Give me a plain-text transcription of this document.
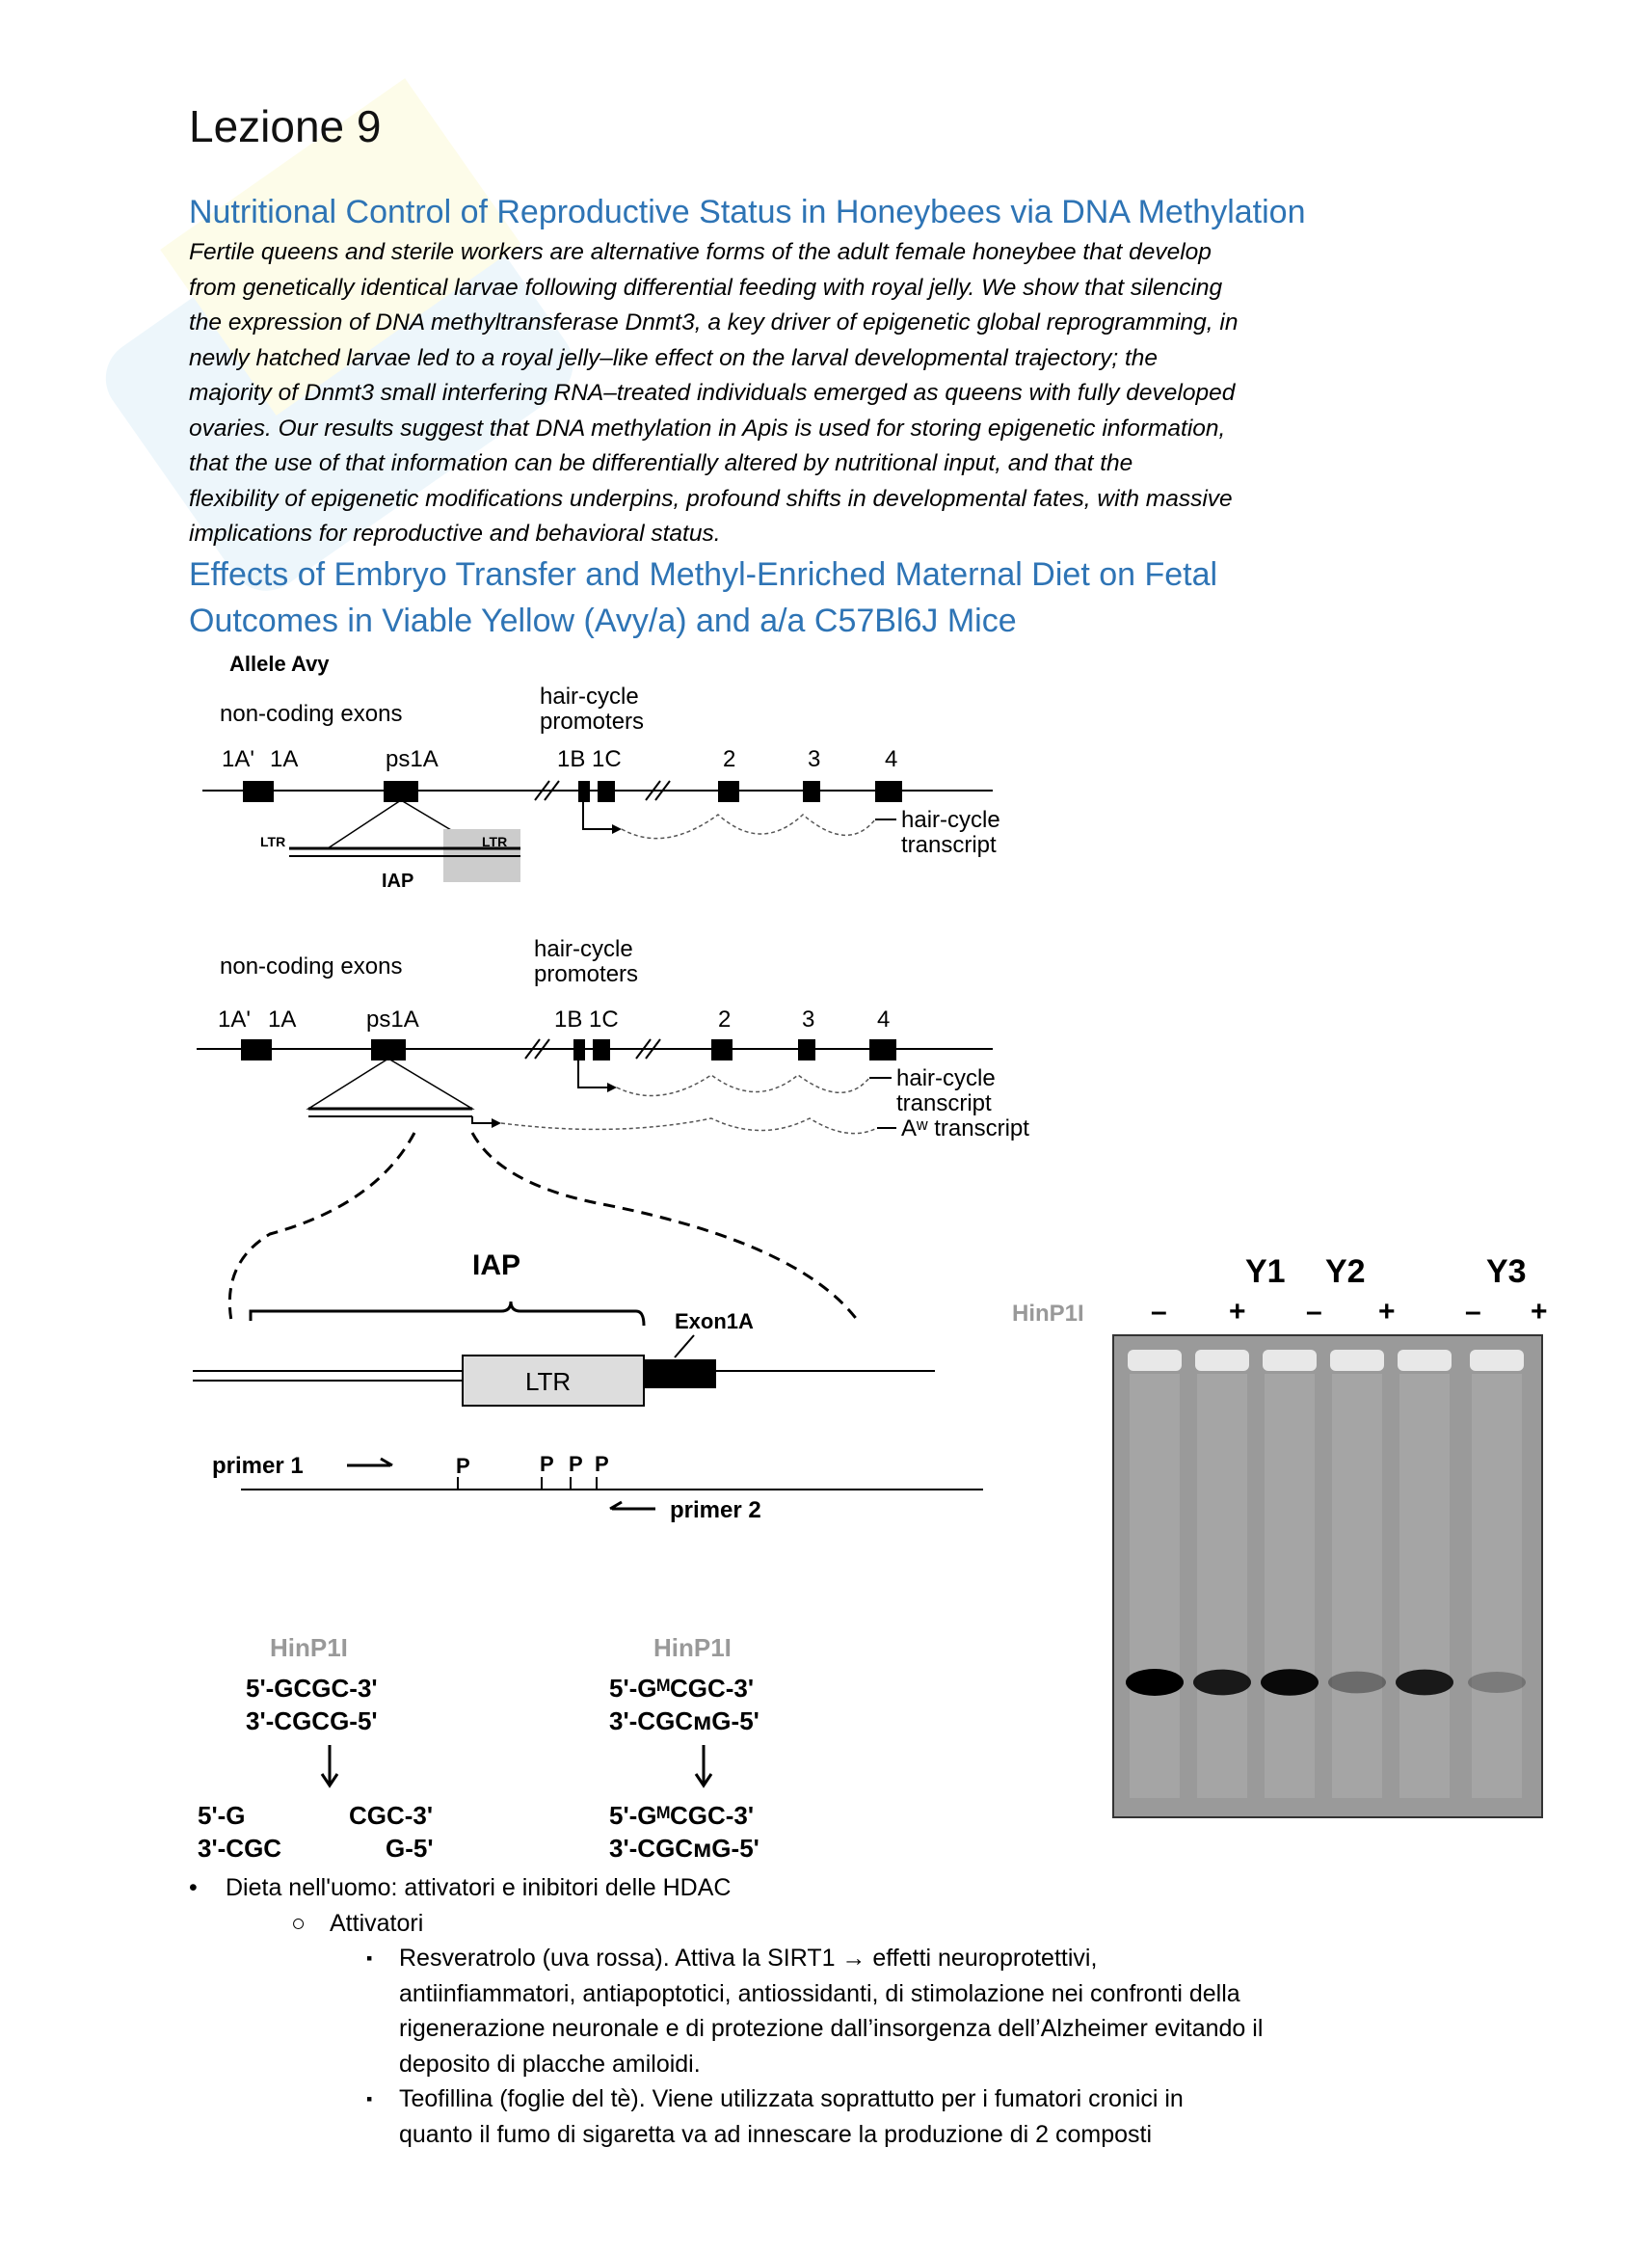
Lezione 9
Nutritional Control of Reproductive Status in Honeybees via DNA Methylation
Fertile queens and sterile workers are alternative forms of the adult female honeybee that develop
from genetically identical larvae following differential feeding with royal jelly. We show that silencing
the expression of DNA methyltransferase Dnmt3, a key driver of epigenetic global reprogramming, in
newly hatched larvae led to a royal jelly–like effect on the larval developmental trajectory; the
majority of Dnmt3 small interfering RNA–treated individuals emerged as queens with fully developed
ovaries. Our results suggest that DNA methylation in Apis is used for storing epigenetic information,
that the use of that information can be differentially altered by nutritional input, and that the
flexibility of epigenetic modifications underpins, profound shifts in developmental fates, with massive
implications for reproductive and behavioral status.
Effects of Embryo Transfer and Methyl-Enriched Maternal Diet on Fetal
Outcomes in Viable Yellow (Avy/a) and a/a C57Bl6J Mice
Allele Avy
non-coding exons
hair-cycle
promoters
1A' 1A	ps1A	1B 1C	2	3	4
LTR	LTR
IAP
hair-cycle
transcript
non-coding exons
hair-cycle
promoters
1A' 1A	ps1A	1B 1C	2	3	4
hair-cycle
transcript
Aʷ transcript
IAP
Exon1A
LTR
primer 1	P	P P P
primer 2
HinP1I
5'-GCGC-3'
3'-CGCG-5'
5'-G	CGC-3'
3'-CGC	G-5'
HinP1I
5'-GᴹCGC-3'
3'-CGCᴍG-5'
5'-GᴹCGC-3'
3'-CGCᴍG-5'
Y1 Y2	Y3
HinP1I – + – + – +
• Dieta nell'uomo: attivatori e inibitori delle HDAC
○ Attivatori
▪ Resveratrolo (uva rossa). Attiva la SIRT1 → effetti neuroprotettivi,
antiinfiammatori, antiapoptotici, antiossidanti, di stimolazione nei confronti della
rigenerazione neuronale e di protezione dall’insorgenza dell’Alzheimer evitando il
deposito di placche amiloidi.
▪ Teofillina (foglie del tè). Viene utilizzata soprattutto per i fumatori cronici in
quanto il fumo di sigaretta va ad innescare la produzione di 2 composti
